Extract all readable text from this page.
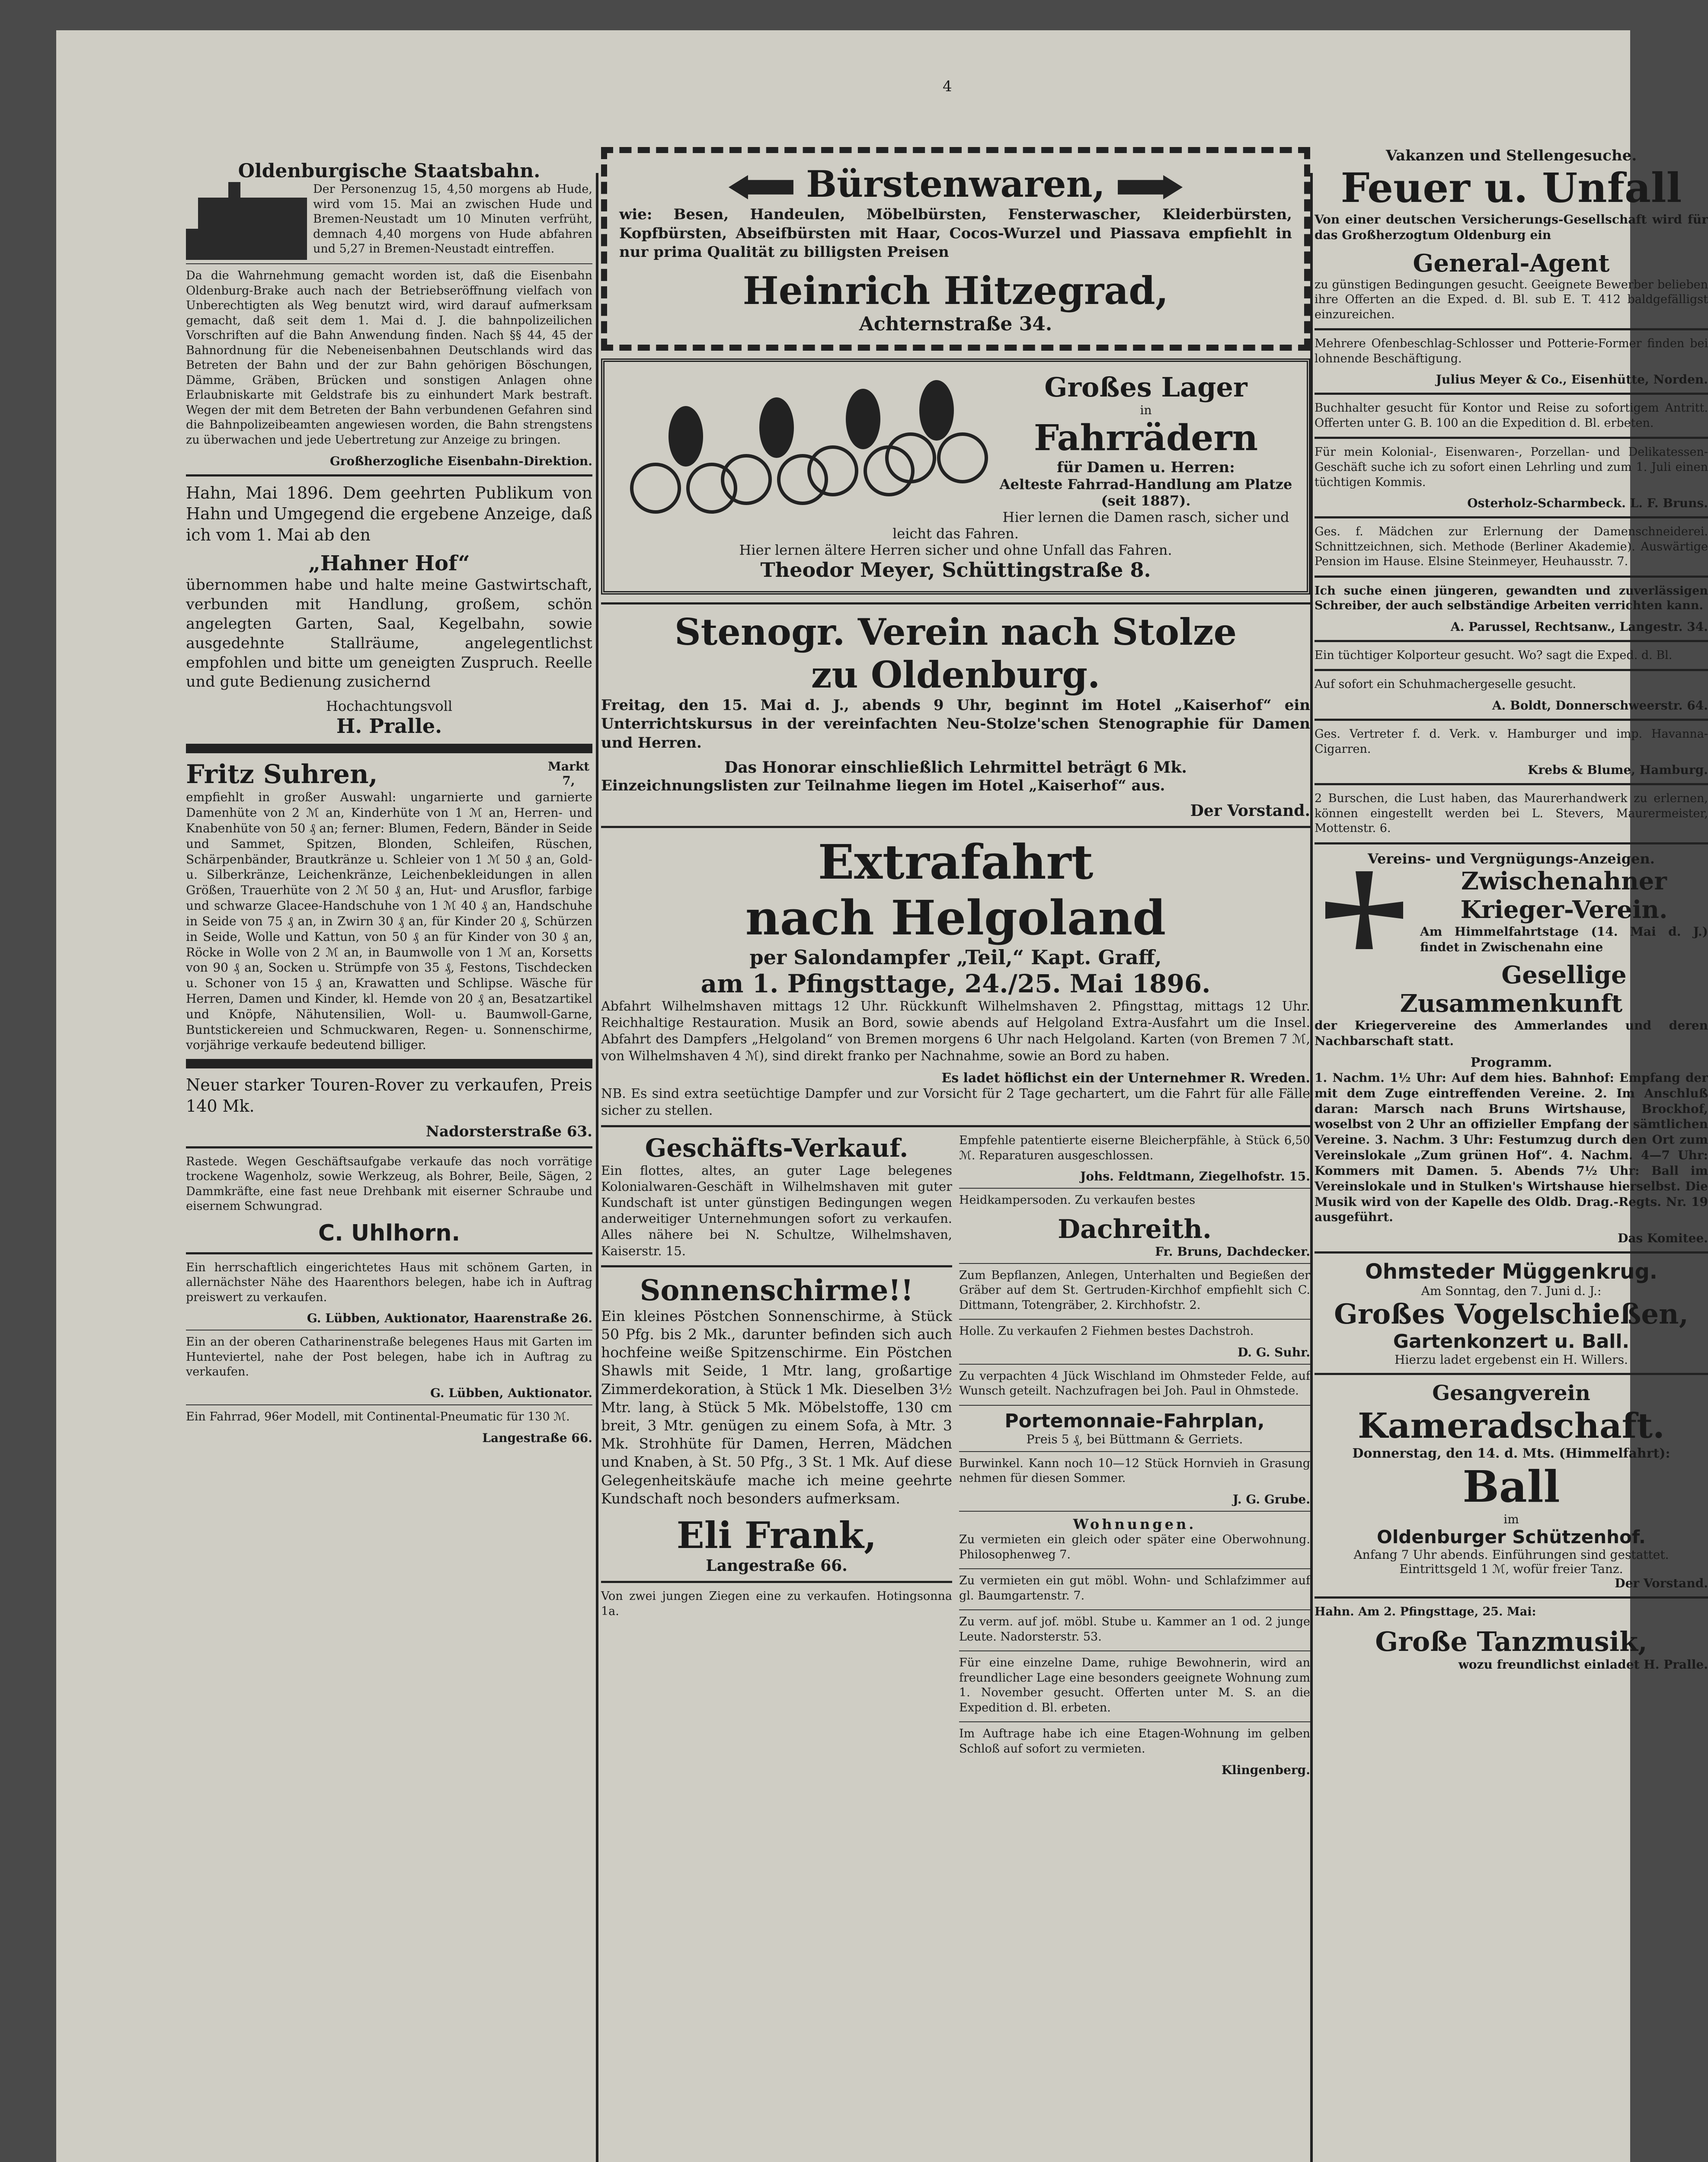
4
Oldenburgische Staatsbahn.
Der Personenzug 15, 4,50 morgens ab Hude, wird vom 15. Mai an zwischen Hude und Bremen-Neustadt um 10 Minuten verfrüht, demnach 4,40 morgens von Hude abfahren und 5,27 in Bremen-Neustadt eintreffen.
Da die Wahrnehmung gemacht worden ist, daß die Eisenbahn Oldenburg-Brake auch nach der Betriebseröffnung vielfach von Unberechtigten als Weg benutzt wird, wird darauf aufmerksam gemacht, daß seit dem 1. Mai d. J. die bahnpolizeilichen Vorschriften auf die Bahn Anwendung finden. Nach §§ 44, 45 der Bahnordnung für die Nebeneisenbahnen Deutschlands wird das Betreten der Bahn und der zur Bahn gehörigen Böschungen, Dämme, Gräben, Brücken und sonstigen Anlagen ohne Erlaubniskarte mit Geldstrafe bis zu einhundert Mark bestraft. Wegen der mit dem Betreten der Bahn verbundenen Gefahren sind die Bahnpolizeibeamten angewiesen worden, die Bahn strengstens zu überwachen und jede Uebertretung zur Anzeige zu bringen.
Großherzogliche Eisenbahn-Direktion.
Hahn, Mai 1896. Dem geehrten Publikum von Hahn und Umgegend die ergebene Anzeige, daß ich vom 1. Mai ab den
„Hahner Hof“
übernommen habe und halte meine Gastwirtschaft, verbunden mit Handlung, großem, schön angelegten Garten, Saal, Kegelbahn, sowie ausgedehnte Stallräume, angelegentlichst empfohlen und bitte um geneigten Zuspruch. Reelle und gute Bedienung zusichernd
Hochachtungsvoll
H. Pralle.
Fritz Suhren,	Markt 7,
empfiehlt in großer Auswahl: ungarnierte und garnierte Damenhüte von 2 ℳ an, Kinderhüte von 1 ℳ an, Herren- und Knabenhüte von 50 ₰ an; ferner: Blumen, Federn, Bänder in Seide und Sammet, Spitzen, Blonden, Schleifen, Rüschen, Schärpenbänder, Brautkränze u. Schleier von 1 ℳ 50 ₰ an, Gold- u. Silberkränze, Leichenkränze, Leichenbekleidungen in allen Größen, Trauerhüte von 2 ℳ 50 ₰ an, Hut- und Arusflor, farbige und schwarze Glacee-Handschuhe von 1 ℳ 40 ₰ an, Handschuhe in Seide von 75 ₰ an, in Zwirn 30 ₰ an, für Kinder 20 ₰, Schürzen in Seide, Wolle und Kattun, von 50 ₰ an für Kinder von 30 ₰ an, Röcke in Wolle von 2 ℳ an, in Baumwolle von 1 ℳ an, Korsetts von 90 ₰ an, Socken u. Strümpfe von 35 ₰, Festons, Tischdecken u. Schoner von 15 ₰ an, Krawatten und Schlipse. Wäsche für Herren, Damen und Kinder, kl. Hemde von 20 ₰ an, Besatzartikel und Knöpfe, Nähutensilien, Woll- u. Baumwoll-Garne, Buntstickereien und Schmuckwaren, Regen- u. Sonnenschirme, vorjährige verkaufe bedeutend billiger.
Neuer starker Touren-Rover zu verkaufen, Preis 140 Mk.
Nadorsterstraße 63.
Rastede. Wegen Geschäftsaufgabe verkaufe das noch vorrätige trockene Wagenholz, sowie Werkzeug, als Bohrer, Beile, Sägen, 2 Dammkräfte, eine fast neue Drehbank mit eiserner Schraube und eisernem Schwungrad.
C. Uhlhorn.
Ein herrschaftlich eingerichtetes Haus mit schönem Garten, in allernächster Nähe des Haarenthors belegen, habe ich in Auftrag preiswert zu verkaufen.
G. Lübben, Auktionator, Haarenstraße 26.
Ein an der oberen Catharinenstraße belegenes Haus mit Garten im Hunteviertel, nahe der Post belegen, habe ich in Auftrag zu verkaufen.
G. Lübben, Auktionator.
Ein Fahrrad, 96er Modell, mit Continental-Pneumatic für 130 ℳ.
Langestraße 66.
Bürstenwaren,
wie: Besen, Handeulen, Möbelbürsten, Fensterwascher, Kleiderbürsten, Kopfbürsten, Abseifbürsten mit Haar, Cocos-Wurzel und Piassava empfiehlt in nur prima Qualität zu billigsten Preisen
Heinrich Hitzegrad,
Achternstraße 34.
Großes Lager
in
Fahrrädern
für Damen u. Herren:
Aelteste Fahrrad-Handlung am Platze (seit 1887).
Hier lernen die Damen rasch, sicher und leicht das Fahren.
Hier lernen ältere Herren sicher und ohne Unfall das Fahren.
Theodor Meyer, Schüttingstraße 8.
Stenogr. Verein nach Stolze
zu Oldenburg.
Freitag, den 15. Mai d. J., abends 9 Uhr, beginnt im Hotel „Kaiserhof“ ein Unterrichtskursus in der vereinfachten Neu-Stolze'schen Stenographie für Damen und Herren.
Das Honorar einschließlich Lehrmittel beträgt 6 Mk.
Einzeichnungslisten zur Teilnahme liegen im Hotel „Kaiserhof“ aus.
Der Vorstand.
Extrafahrt
nach Helgoland
per Salondampfer „Teil,“ Kapt. Graff,
am 1. Pfingsttage, 24./25. Mai 1896.
Abfahrt Wilhelmshaven mittags 12 Uhr. Rückkunft Wilhelmshaven 2. Pfingsttag, mittags 12 Uhr. Reichhaltige Restauration. Musik an Bord, sowie abends auf Helgoland Extra-Ausfahrt um die Insel. Abfahrt des Dampfers „Helgoland“ von Bremen morgens 6 Uhr nach Helgoland. Karten (von Bremen 7 ℳ, von Wilhelmshaven 4 ℳ), sind direkt franko per Nachnahme, sowie an Bord zu haben.
Es ladet höflichst ein der Unternehmer R. Wreden.
NB. Es sind extra seetüchtige Dampfer und zur Vorsicht für 2 Tage gechartert, um die Fahrt für alle Fälle sicher zu stellen.
Geschäfts-Verkauf.
Ein flottes, altes, an guter Lage belegenes Kolonialwaren-Geschäft in Wilhelmshaven mit guter Kundschaft ist unter günstigen Bedingungen wegen anderweitiger Unternehmungen sofort zu verkaufen. Alles nähere bei N. Schultze, Wilhelmshaven, Kaiserstr. 15.
Sonnenschirme!!
Ein kleines Pöstchen Sonnenschirme, à Stück 50 Pfg. bis 2 Mk., darunter befinden sich auch hochfeine weiße Spitzenschirme. Ein Pöstchen Shawls mit Seide, 1 Mtr. lang, großartige Zimmerdekoration, à Stück 1 Mk. Dieselben 3½ Mtr. lang, à Stück 5 Mk. Möbelstoffe, 130 cm breit, 3 Mtr. genügen zu einem Sofa, à Mtr. 3 Mk. Strohhüte für Damen, Herren, Mädchen und Knaben, à St. 50 Pfg., 3 St. 1 Mk. Auf diese Gelegenheitskäufe mache ich meine geehrte Kundschaft noch besonders aufmerksam.
Eli Frank,
Langestraße 66.
Von zwei jungen Ziegen eine zu verkaufen. Hotingsonna 1a.
Empfehle patentierte eiserne Bleicherpfähle, à Stück 6,50 ℳ. Reparaturen ausgeschlossen.
Johs. Feldtmann, Ziegelhofstr. 15.
Heidkampersoden. Zu verkaufen bestes
Dachreith.
Fr. Bruns, Dachdecker.
Zum Bepflanzen, Anlegen, Unterhalten und Begießen der Gräber auf dem St. Gertruden-Kirchhof empfiehlt sich C. Dittmann, Totengräber, 2. Kirchhofstr. 2.
Holle. Zu verkaufen 2 Fiehmen bestes Dachstroh.
D. G. Suhr.
Zu verpachten 4 Jück Wischland im Ohmsteder Felde, auf Wunsch geteilt. Nachzufragen bei Joh. Paul in Ohmstede.
Portemonnaie-Fahrplan,
Preis 5 ₰, bei Büttmann & Gerriets.
Burwinkel. Kann noch 10—12 Stück Hornvieh in Grasung nehmen für diesen Sommer.
J. G. Grube.
Wohnungen.
Zu vermieten ein gleich oder später eine Oberwohnung. Philosophenweg 7.
Zu vermieten ein gut möbl. Wohn- und Schlafzimmer auf gl. Baumgartenstr. 7.
Zu verm. auf jof. möbl. Stube u. Kammer an 1 od. 2 junge Leute. Nadorsterstr. 53.
Für eine einzelne Dame, ruhige Bewohnerin, wird an freundlicher Lage eine besonders geeignete Wohnung zum 1. November gesucht. Offerten unter M. S. an die Expedition d. Bl. erbeten.
Im Auftrage habe ich eine Etagen-Wohnung im gelben Schloß auf sofort zu vermieten.
Klingenberg.
Vakanzen und Stellengesuche.
Feuer u. Unfall
Von einer deutschen Versicherungs-Gesellschaft wird für das Großherzogtum Oldenburg ein
General-Agent
zu günstigen Bedingungen gesucht. Geeignete Bewerber belieben ihre Offerten an die Exped. d. Bl. sub E. T. 412 baldgefälligst einzureichen.
Mehrere Ofenbeschlag-Schlosser und Potterie-Former finden bei lohnende Beschäftigung.
Julius Meyer & Co., Eisenhütte, Norden.
Buchhalter gesucht für Kontor und Reise zu sofortigem Antritt. Offerten unter G. B. 100 an die Expedition d. Bl. erbeten.
Für mein Kolonial-, Eisenwaren-, Porzellan- und Delikatessen-Geschäft suche ich zu sofort einen Lehrling und zum 1. Juli einen tüchtigen Kommis.
Osterholz-Scharmbeck. L. F. Bruns.
Ges. f. Mädchen zur Erlernung der Damenschneiderei. Schnittzeichnen, sich. Methode (Berliner Akademie). Auswärtige Pension im Hause. Elsine Steinmeyer, Heuhausstr. 7.
Ich suche einen jüngeren, gewandten und zuverlässigen Schreiber, der auch selbständige Arbeiten verrichten kann.
A. Parussel, Rechtsanw., Langestr. 34.
Ein tüchtiger Kolporteur gesucht. Wo? sagt die Exped. d. Bl.
Auf sofort ein Schuhmachergeselle gesucht.
A. Boldt, Donnerschweerstr. 64.
Ges. Vertreter f. d. Verk. v. Hamburger und imp. Havanna-Cigarren.
Krebs & Blume, Hamburg.
2 Burschen, die Lust haben, das Maurerhandwerk zu erlernen, können eingestellt werden bei L. Stevers, Maurermeister, Mottenstr. 6.
Vereins- und Vergnügungs-Anzeigen.
Zwischenahner Krieger-Verein.
Am Himmelfahrtstage (14. Mai d. J.) findet in Zwischenahn eine
Gesellige Zusammenkunft
der Kriegervereine des Ammerlandes und deren Nachbarschaft statt.
Programm.
1. Nachm. 1½ Uhr: Auf dem hies. Bahnhof: Empfang der mit dem Zuge eintreffenden Vereine. 2. Im Anschluß daran: Marsch nach Bruns Wirtshause, Brockhof, woselbst von 2 Uhr an offizieller Empfang der sämtlichen Vereine. 3. Nachm. 3 Uhr: Festumzug durch den Ort zum Vereinslokale „Zum grünen Hof“. 4. Nachm. 4—7 Uhr: Kommers mit Damen. 5. Abends 7½ Uhr: Ball im Vereinslokale und in Stulken's Wirtshause hierselbst. Die Musik wird von der Kapelle des Oldb. Drag.-Regts. Nr. 19 ausgeführt.
Das Komitee.
Ohmsteder Müggenkrug.
Am Sonntag, den 7. Juni d. J.:
Großes Vogelschießen,
Gartenkonzert u. Ball.
Hierzu ladet ergebenst ein H. Willers.
Gesangverein
Kameradschaft.
Donnerstag, den 14. d. Mts. (Himmelfahrt):
Ball
im
Oldenburger Schützenhof.
Anfang 7 Uhr abends. Einführungen sind gestattet. Eintrittsgeld 1 ℳ, wofür freier Tanz.
Der Vorstand.
Hahn. Am 2. Pfingsttage, 25. Mai:
Große Tanzmusik,
wozu freundlichst einladet H. Pralle.
